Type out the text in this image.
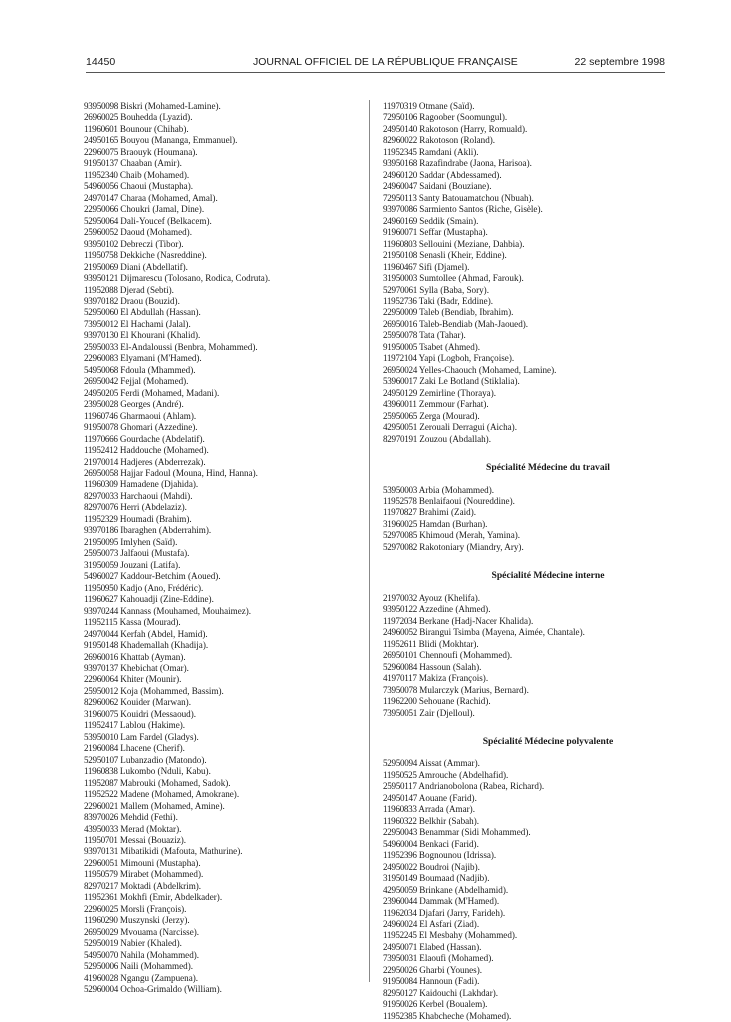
14450	JOURNAL OFFICIEL DE LA RÉPUBLIQUE FRANÇAISE	22 septembre 1998
93950098 Biskri (Mohamed-Lamine).
26960025 Bouhedda (Lyazid).
11960601 Bounour (Chihab).
24950165 Bouyou (Mananga, Emmanuel).
22960075 Braouyk (Houmana).
91950137 Chaaban (Amir).
11952340 Chaib (Mohamed).
54960056 Chaoui (Mustapha).
24970147 Charaa (Mohamed, Amal).
22950066 Choukri (Jamal, Dine).
52950064 Dali-Youcef (Belkacem).
25960052 Daoud (Mohamed).
93950102 Debreczi (Tibor).
11950758 Dekkiche (Nasreddine).
21950069 Diani (Abdellatif).
93950121 Dijmarescu (Tolosano, Rodica, Codruta).
11952088 Djerad (Sebti).
93970182 Draou (Bouzid).
52950060 El Abdullah (Hassan).
73950012 El Hachami (Jalal).
93970130 El Khourani (Khalid).
25950033 El-Andaloussi (Benbra, Mohammed).
22960083 Elyamani (M'Hamed).
54950068 Fdoula (Mhammed).
26950042 Fejjal (Mohamed).
24950205 Ferdi (Mohamed, Madani).
23950028 Georges (André).
11960746 Gharmaoui (Ahlam).
91950078 Ghomari (Azzedine).
11970666 Gourdache (Abdelatif).
11952412 Haddouche (Mohamed).
21970014 Hadjeres (Abderrezak).
26950058 Hajjar Fadoul (Mouna, Hind, Hanna).
11960309 Hamadene (Djahida).
82970033 Harchaoui (Mahdi).
82970076 Herri (Abdelaziz).
11952329 Houmadi (Brahim).
93970186 Ibaraghen (Abderrahim).
21950095 Imlyhen (Saïd).
25950073 Jalfaoui (Mustafa).
31950059 Jouzani (Latifa).
54960027 Kaddour-Betchim (Aoued).
11950950 Kadjo (Ano, Frédéric).
11960627 Kahouadji (Zine-Eddine).
93970244 Kannass (Mouhamed, Mouhaimez).
11952115 Kassa (Mourad).
24970044 Kerfah (Abdel, Hamid).
91950148 Khademallah (Khadija).
26960016 Khattab (Ayman).
93970137 Khebichat (Omar).
22960064 Khiter (Mounir).
25950012 Koja (Mohammed, Bassim).
82960062 Kouider (Marwan).
31960075 Kouidri (Messaoud).
11952417 Lablou (Hakime).
53950010 Lam Fardel (Gladys).
21960084 Lhacene (Cherif).
52950107 Lubanzadio (Matondo).
11960838 Lukombo (Nduli, Kabu).
11952087 Mabrouki (Mohamed, Sadok).
11952522 Madene (Mohamed, Amokrane).
22960021 Mallem (Mohamed, Amine).
83970026 Mehdid (Fethi).
43950033 Merad (Moktar).
11950701 Messai (Bouaziz).
93970131 Mibatikidi (Mafouta, Mathurine).
22960051 Mimouni (Mustapha).
11950579 Mirabet (Mohammed).
82970217 Moktadi (Abdelkrim).
11952361 Mokhfi (Emir, Abdelkader).
22960025 Morsli (François).
11960290 Muszynski (Jerzy).
26950029 Mvouama (Narcisse).
52950019 Nabier (Khaled).
54950070 Nahila (Mohammed).
52950006 Naili (Mohammed).
41960028 Ngangu (Zampuena).
52960004 Ochoa-Grimaldo (William).
11970319 Otmane (Saïd).
72950106 Ragoober (Soomungul).
24950140 Rakotoson (Harry, Romuald).
82960022 Rakotoson (Roland).
11952345 Ramdani (Akli).
93950168 Razafindrabe (Jaona, Harisoa).
24960120 Saddar (Abdessamed).
24960047 Saidani (Bouziane).
72950113 Santy Batouamatchou (Nbuah).
93970086 Sarmiento Santos (Riche, Gisèle).
24960169 Seddik (Smain).
91960071 Seffar (Mustapha).
11960803 Sellouini (Meziane, Dahbia).
21950108 Senasli (Kheir, Eddine).
11960467 Sifi (Djamel).
31950003 Sumtollee (Ahmad, Farouk).
52970061 Sylla (Baba, Sory).
11952736 Taki (Badr, Eddine).
22950009 Taleb (Bendiab, Ibrahim).
26950016 Taleb-Bendiab (Mah-Jaoued).
25950078 Tata (Tahar).
91950005 Tsabet (Ahmed).
11972104 Yapi (Logboh, Françoise).
26950024 Yelles-Chaouch (Mohamed, Lamine).
53960017 Zaki Le Botland (Stiklalia).
24950129 Zemirline (Thoraya).
43960011 Zemmour (Farhat).
25950065 Zerga (Mourad).
42950051 Zerouali Derragui (Aicha).
82970191 Zouzou (Abdallah).
Spécialité Médecine du travail
53950003 Arbia (Mohammed).
11952578 Benlaifaoui (Noureddine).
11970827 Brahimi (Zaid).
31960025 Hamdan (Burhan).
52970085 Khimoud (Merah, Yamina).
52970082 Rakotoniary (Miandry, Ary).
Spécialité Médecine interne
21970032 Ayouz (Khelifa).
93950122 Azzedine (Ahmed).
11972034 Berkane (Hadj-Nacer Khalida).
24960052 Birangui Tsimba (Mayena, Aimée, Chantale).
11952611 Blidi (Mokhtar).
26950101 Chennoufi (Mohammed).
52960084 Hassoun (Salah).
41970117 Makiza (François).
73950078 Mularczyk (Marius, Bernard).
11962200 Sehouane (Rachid).
73950051 Zair (Djelloul).
Spécialité Médecine polyvalente
52950094 Aissat (Ammar).
11950525 Amrouche (Abdelhafid).
25950117 Andrianobolona (Rabea, Richard).
24950147 Aouane (Farid).
11960833 Arrada (Amar).
11960322 Belkhir (Sabah).
22950043 Benammar (Sidi Mohammed).
54960004 Benkaci (Farid).
11952396 Bognounou (Idrissa).
24950022 Boudroi (Najib).
31950149 Boumaad (Nadjib).
42950059 Brinkane (Abdelhamid).
23960044 Dammak (M'Hamed).
11962034 Djafari (Jarry, Farideh).
24960024 El Asfari (Ziad).
11952245 El Mesbahy (Mohammed).
24950071 Elabed (Hassan).
73950031 Elaoufi (Mohamed).
22950026 Gharbi (Younes).
91950084 Hannoun (Fadi).
82950127 Kaidouchi (Lakhdar).
91950026 Kerbel (Boualem).
11952385 Khabcheche (Mohamed).
